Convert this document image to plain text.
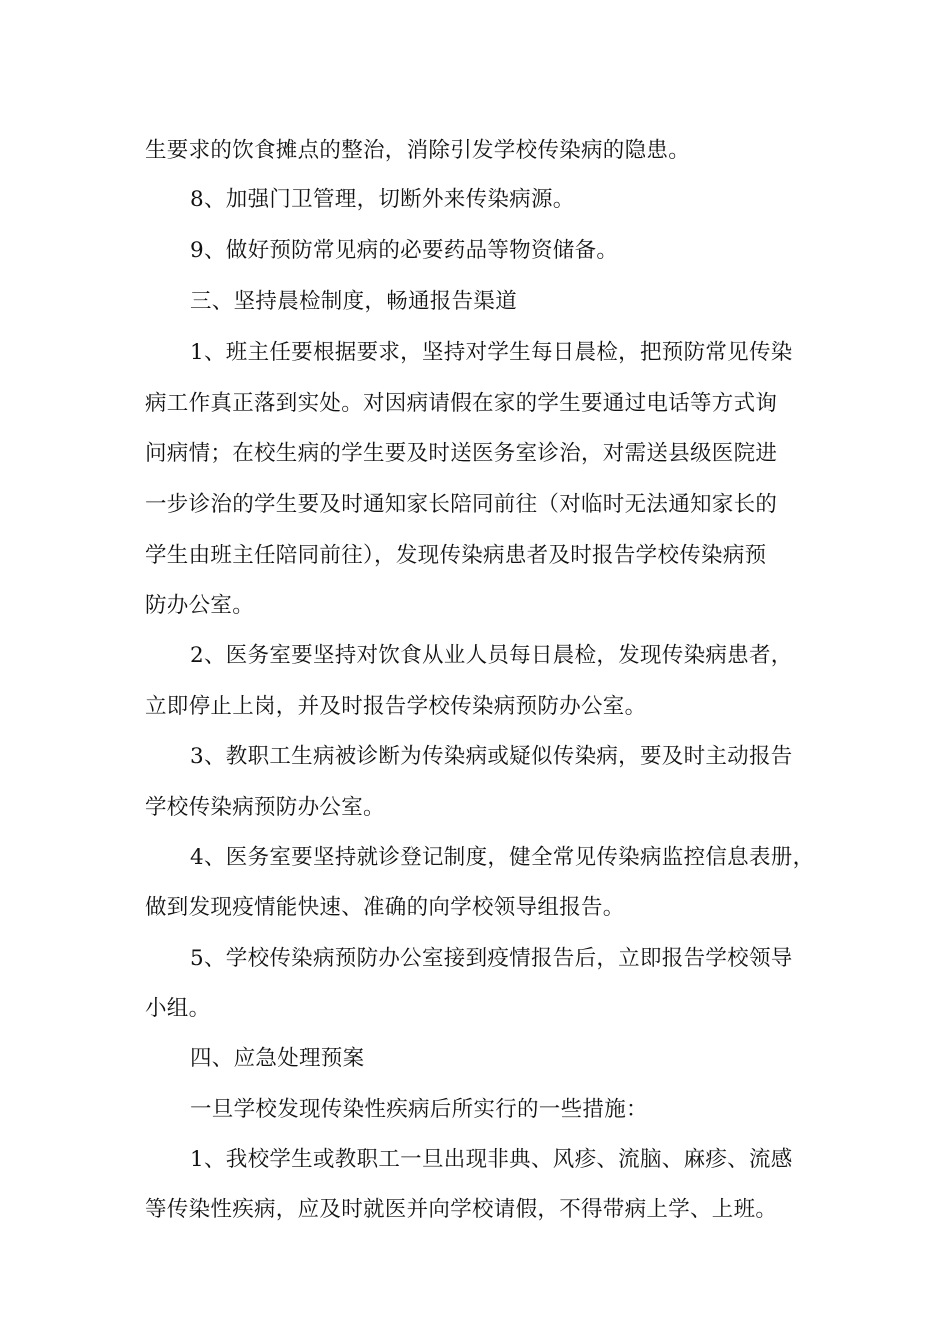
生要求的饮食摊点的整治，消除引发学校传染病的隐患。
8、加强门卫管理，切断外来传染病源。
9、做好预防常见病的必要药品等物资储备。
三、坚持晨检制度，畅通报告渠道
1、班主任要根据要求，坚持对学生每日晨检，把预防常见传染
病工作真正落到实处。对因病请假在家的学生要通过电话等方式询
问病情；在校生病的学生要及时送医务室诊治，对需送县级医院进
一步诊治的学生要及时通知家长陪同前往（对临时无法通知家长的
学生由班主任陪同前往），发现传染病患者及时报告学校传染病预
防办公室。
2、医务室要坚持对饮食从业人员每日晨检，发现传染病患者，
立即停止上岗，并及时报告学校传染病预防办公室。
3、教职工生病被诊断为传染病或疑似传染病，要及时主动报告
学校传染病预防办公室。
4、医务室要坚持就诊登记制度，健全常见传染病监控信息表册，
做到发现疫情能快速、准确的向学校领导组报告。
5、学校传染病预防办公室接到疫情报告后，立即报告学校领导
小组。
四、应急处理预案
一旦学校发现传染性疾病后所实行的一些措施：
1、我校学生或教职工一旦出现非典、风疹、流脑、麻疹、流感
等传染性疾病，应及时就医并向学校请假，不得带病上学、上班。
